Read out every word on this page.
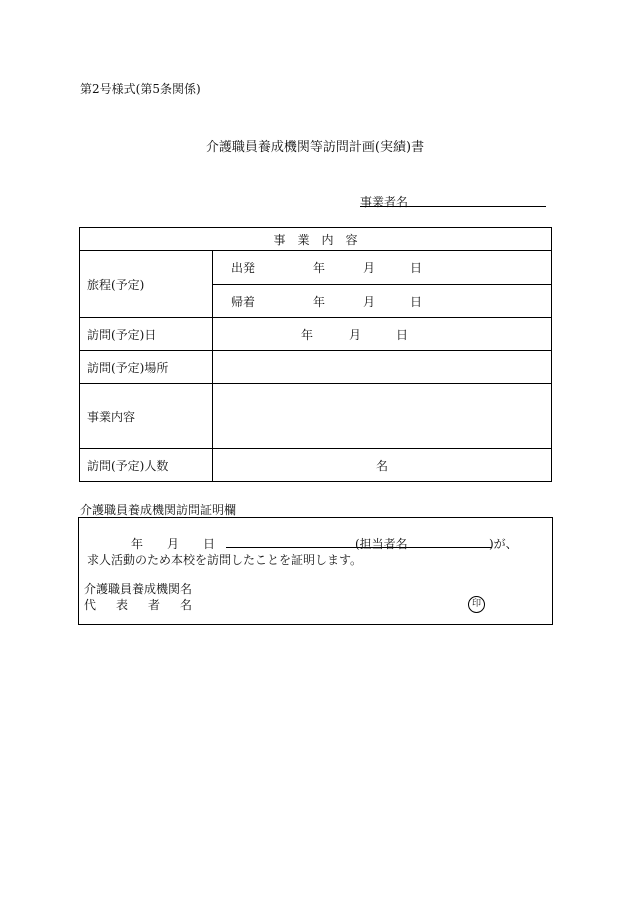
第2号様式(第5条関係)
介護職員養成機関等訪問計画(実績)書
事業者名
事　業　内　容	
旅程(予定)	出発 年 月 日
	帰着 年 月 日
訪問(予定)日	年 月 日
訪問(予定)場所	
事業内容	
訪問(予定)人数	名
介護職員養成機関訪問証明欄
年 月 日	(担当者名	)が、
求人活動のため本校を訪問したことを証明します。
介護職員養成機関名
代 表 者 名	印
